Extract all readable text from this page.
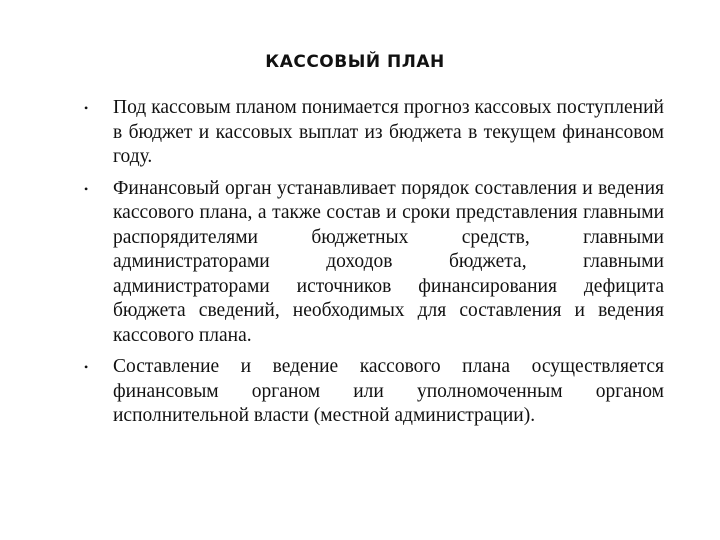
КАССОВЫЙ ПЛАН
• Под кассовым планом понимается прогноз кассовых поступлений в бюджет и кассовых выплат из бюджета в текущем финансовом году.
• Финансовый орган устанавливает порядок составления и ведения кассового плана, а также состав и сроки представления главными распорядителями бюджетных средств, главными администраторами доходов бюджета, главными администраторами источников финансирования дефицита бюджета сведений, необходимых для составления и ведения кассового плана.
• Составление и ведение кассового плана осуществляется финансовым органом или уполномоченным органом исполнительной власти (местной администрации).
